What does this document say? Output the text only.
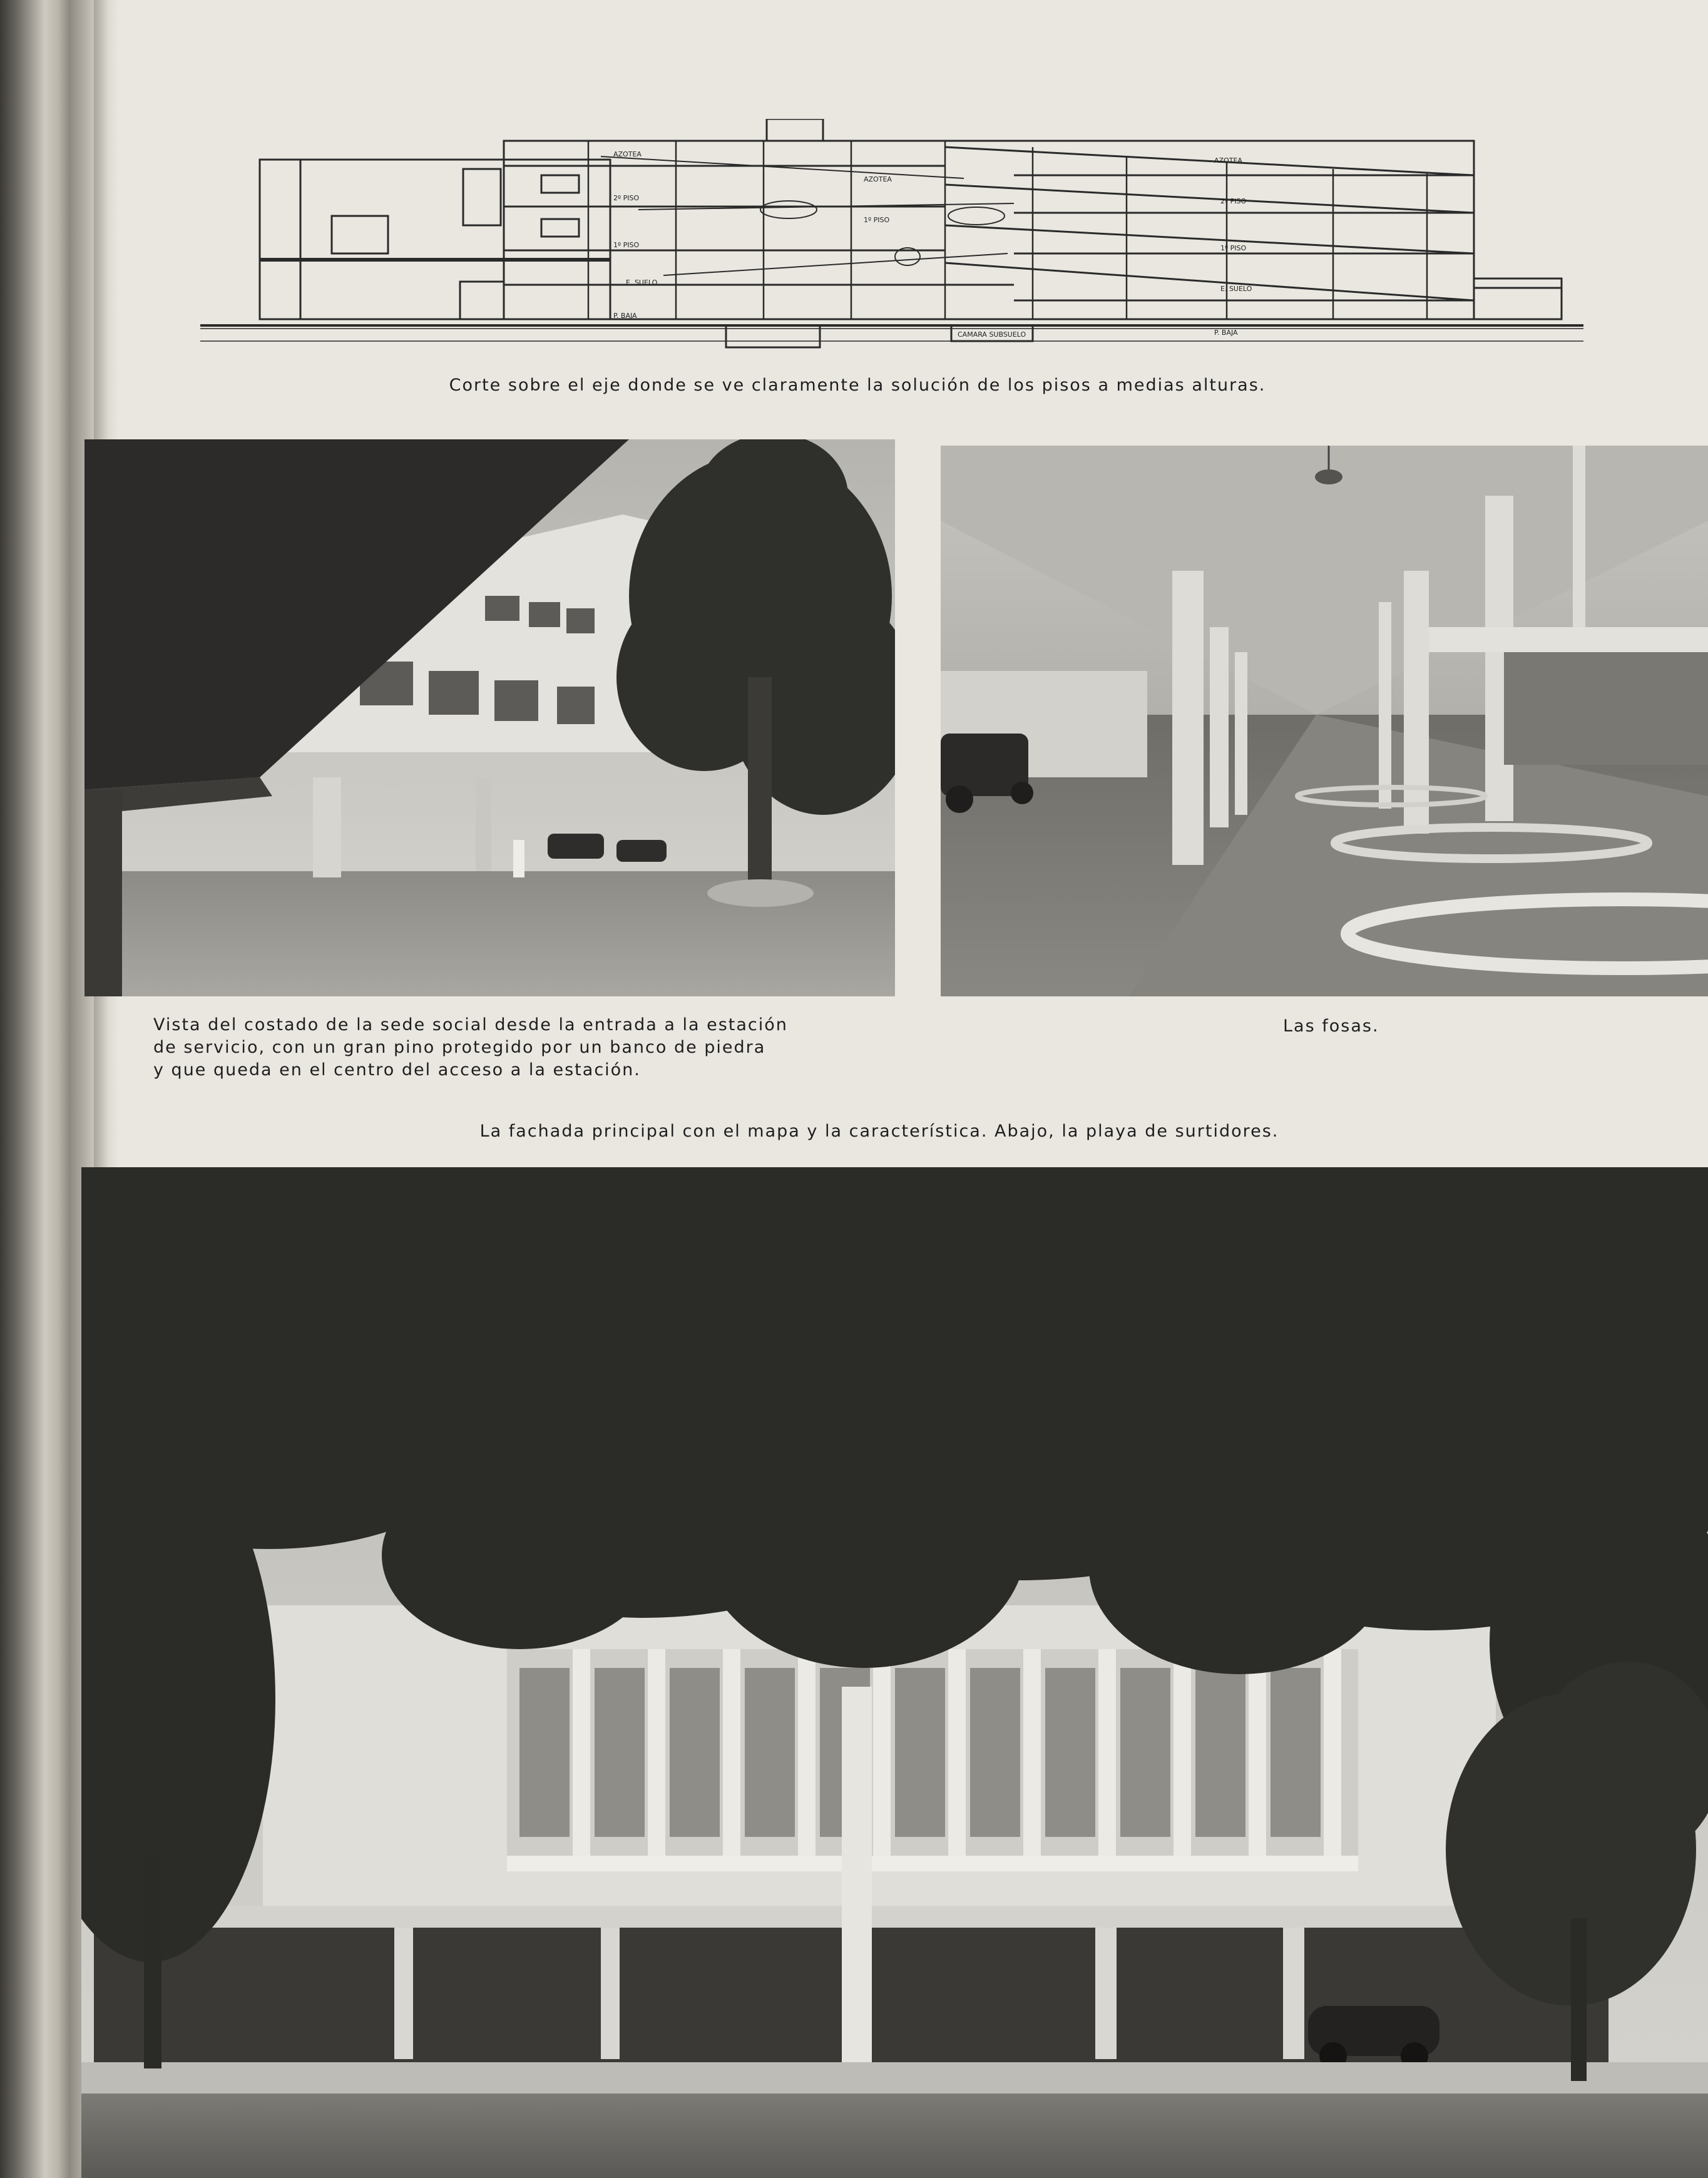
AZOTEA
AZOTEA
AZOTEA
2º PISO	2º PISO
1º PISO
1º PISO
1º PISO
E. SUELO
E. SUELO
P. BAJA
P. BAJA
CAMARA SUBSUELO

Corte sobre el eje donde se ve claramente la solución de los pisos a medias alturas.

Vista del costado de la sede social desde la entrada a la estación

de servicio, con un gran pino protegido por un banco de piedra

y que queda en el centro del acceso a la estación.

Las fosas.

La fachada principal con el mapa y la característica. Abajo, la playa de surtidores.
